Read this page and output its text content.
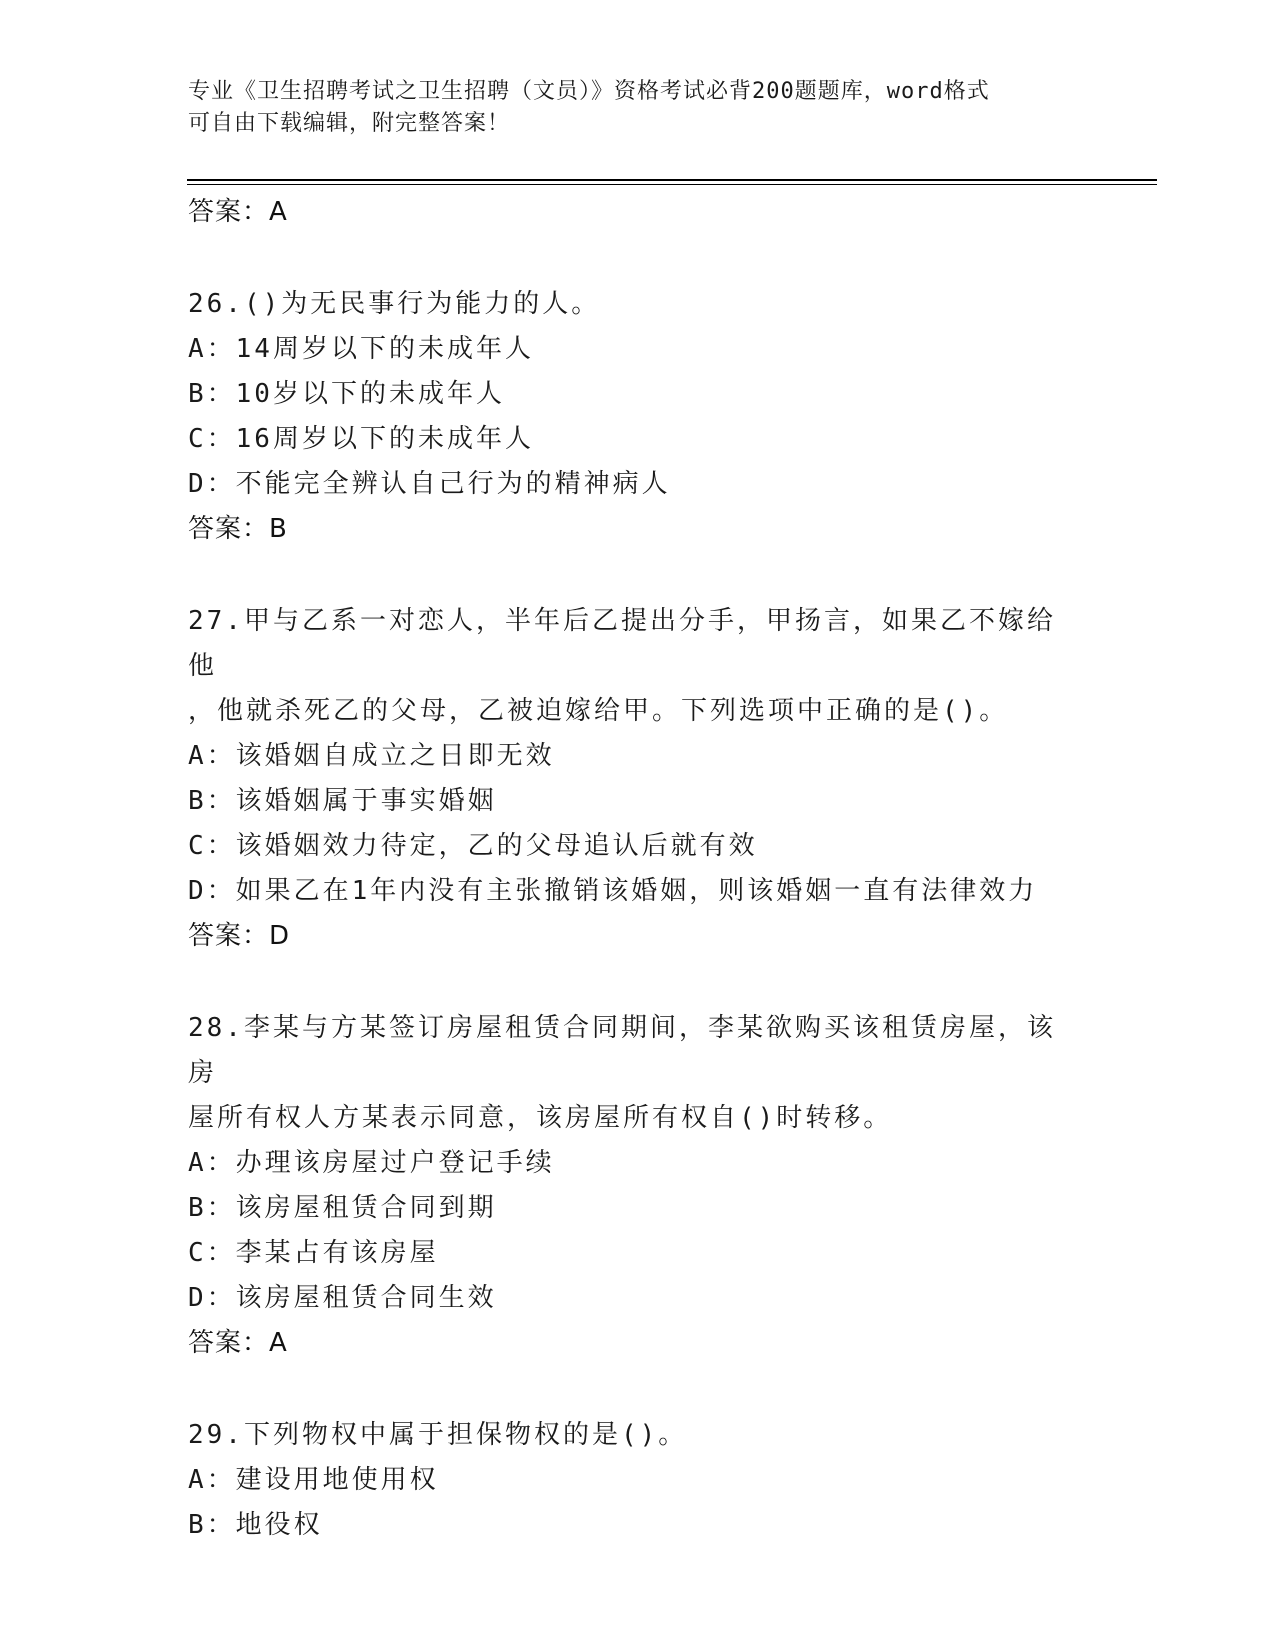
专业《卫生招聘考试之卫生招聘（文员）》资格考试必背200题题库，word格式
可自由下载编辑，附完整答案！
答案：A
26.()为无民事行为能力的人。
A：14周岁以下的未成年人
B：10岁以下的未成年人
C：16周岁以下的未成年人
D：不能完全辨认自己行为的精神病人
答案：B
27.甲与乙系一对恋人，半年后乙提出分手，甲扬言，如果乙不嫁给他
，他就杀死乙的父母，乙被迫嫁给甲。下列选项中正确的是()。
A：该婚姻自成立之日即无效
B：该婚姻属于事实婚姻
C：该婚姻效力待定，乙的父母追认后就有效
D：如果乙在1年内没有主张撤销该婚姻，则该婚姻一直有法律效力
答案：D
28.李某与方某签订房屋租赁合同期间，李某欲购买该租赁房屋，该房
屋所有权人方某表示同意，该房屋所有权自()时转移。
A：办理该房屋过户登记手续
B：该房屋租赁合同到期
C：李某占有该房屋
D：该房屋租赁合同生效
答案：A
29.下列物权中属于担保物权的是()。
A：建设用地使用权
B：地役权
